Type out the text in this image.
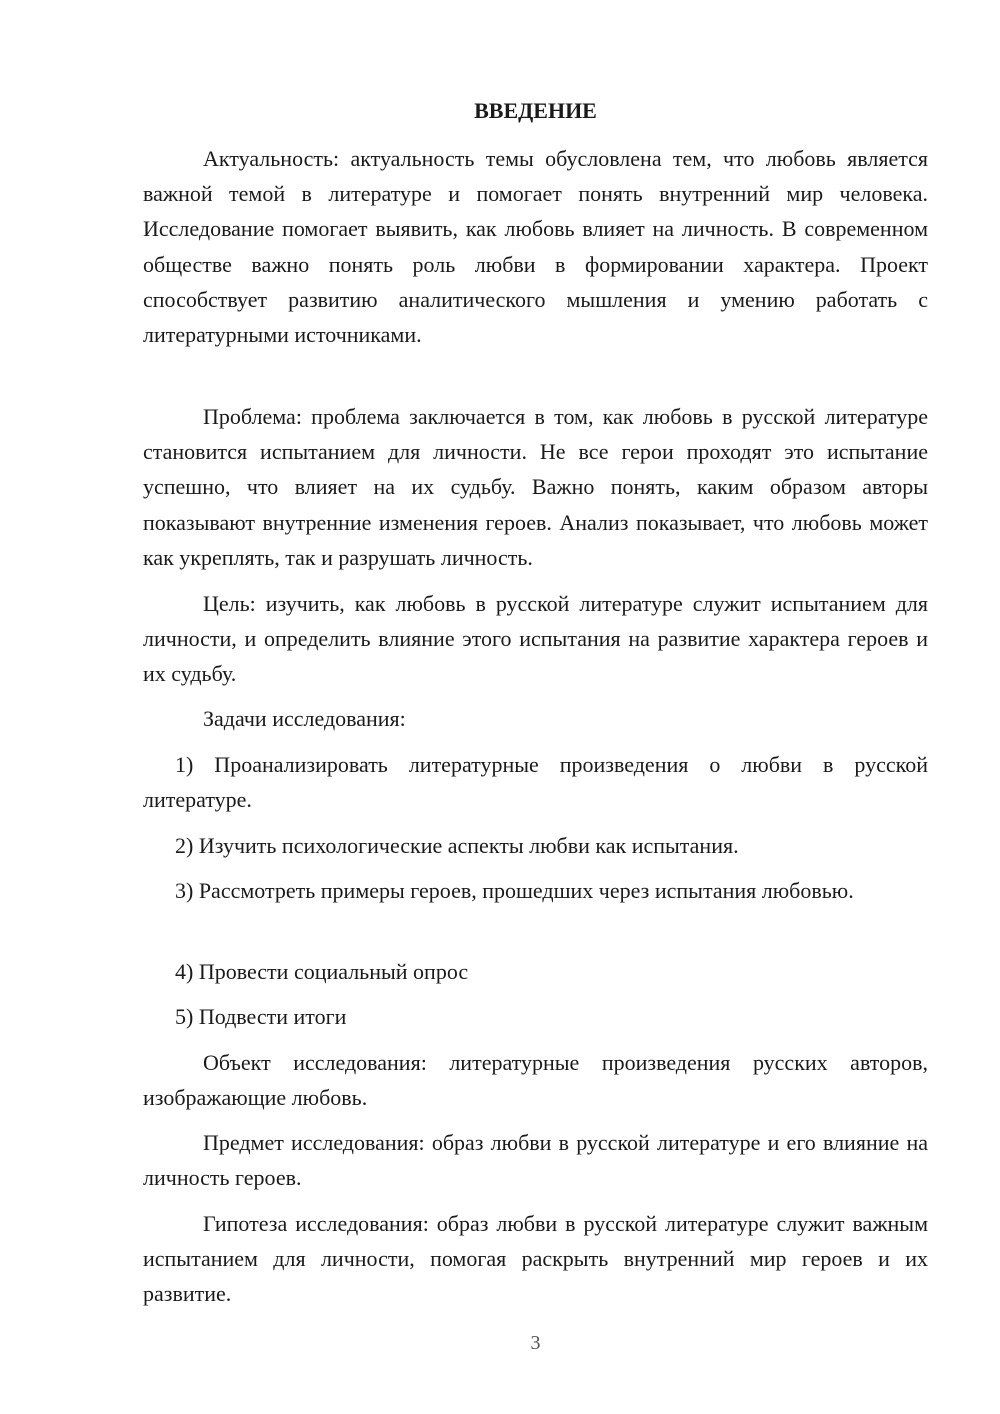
ВВЕДЕНИЕ

Актуальность: актуальность темы обусловлена тем, что любовь является важной темой в литературе и помогает понять внутренний мир человека. Исследование помогает выявить, как любовь влияет на личность. В современном обществе важно понять роль любви в формировании характера. Проект способствует развитию аналитического мышления и умению работать с литературными источниками.

Проблема: проблема заключается в том, как любовь в русской литературе становится испытанием для личности. Не все герои проходят это испытание успешно, что влияет на их судьбу. Важно понять, каким образом авторы показывают внутренние изменения героев. Анализ показывает, что любовь может как укреплять, так и разрушать личность.

Цель: изучить, как любовь в русской литературе служит испытанием для личности, и определить влияние этого испытания на развитие характера героев и их судьбу.

Задачи исследования:

1) Проанализировать литературные произведения о любви в русской литературе.

2) Изучить психологические аспекты любви как испытания.

3) Рассмотреть примеры героев, прошедших через испытания любовью.

4) Провести социальный опрос

5) Подвести итоги

Объект исследования: литературные произведения русских авторов, изображающие любовь.

Предмет исследования: образ любви в русской литературе и его влияние на личность героев.

Гипотеза исследования: образ любви в русской литературе служит важным испытанием для личности, помогая раскрыть внутренний мир героев и их развитие.

3
